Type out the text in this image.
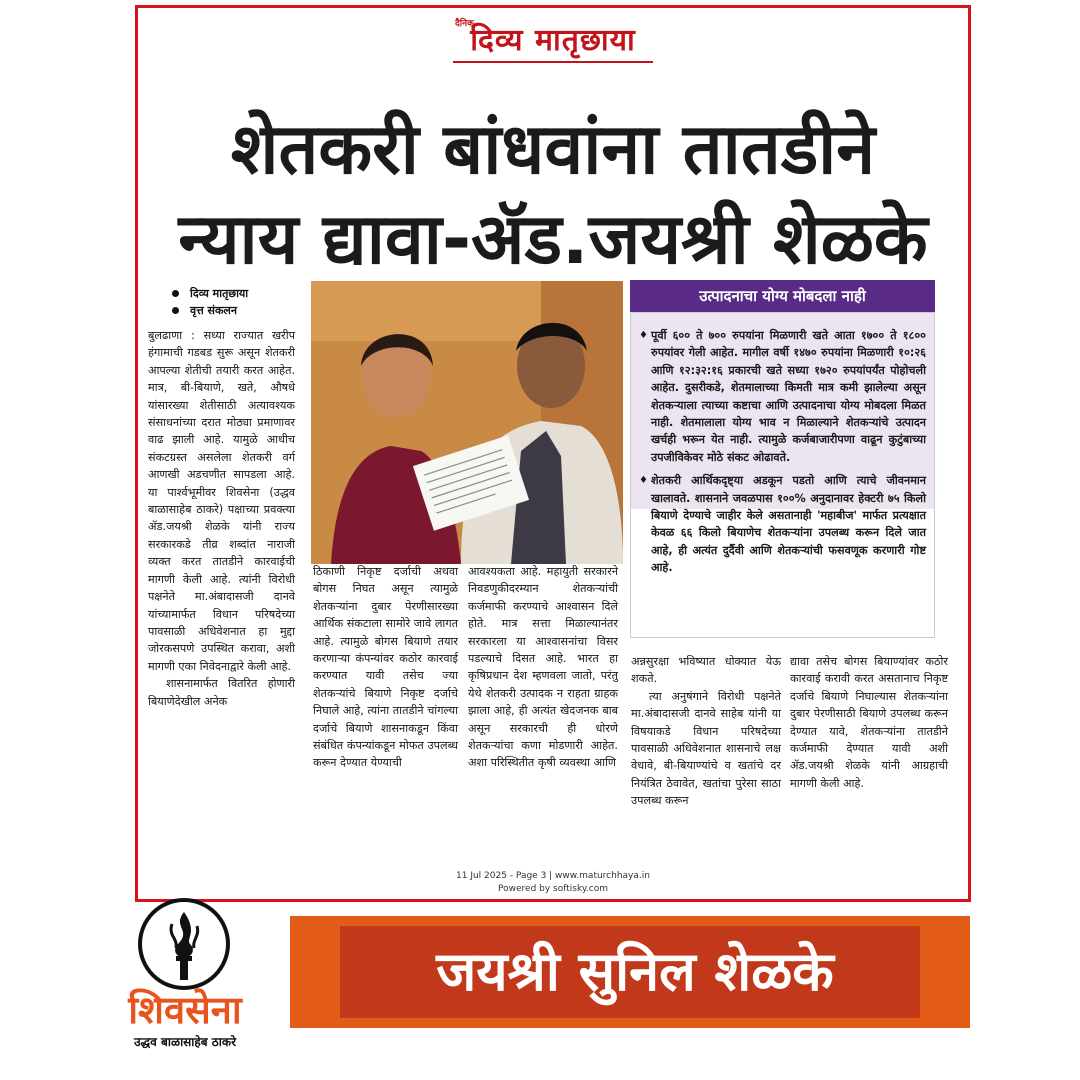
दैनिक
दिव्य मातृछाया
शेतकरी बांधवांना तातडीने
न्याय द्यावा-ॲड.जयश्री शेळके
दिव्य मातृछाया
वृत्त संकलन

बुलढाणा : सध्या राज्यात खरीप हंगामाची गडबड सुरू असून शेतकरी आपल्या शेतीची तयारी करत आहेत. मात्र, बी-बियाणे, खते, औषधे यांसारख्या शेतीसाठी अत्यावश्यक संसाधनांच्या दरात मोठ्या प्रमाणावर वाढ झाली आहे. यामुळे आधीच संकटग्रस्त असलेला शेतकरी वर्ग आणखी अडचणीत सापडला आहे. या पार्श्वभूमीवर शिवसेना (उद्धव बाळासाहेब ठाकरे) पक्षाच्या प्रवक्त्या ॲड.जयश्री शेळके यांनी राज्य सरकारकडे तीव्र शब्दांत नाराजी व्यक्त करत तातडीने कारवाईची मागणी केली आहे. त्यांनी विरोधी पक्षनेते मा.अंबादासजी दानवे यांच्यामार्फत विधान परिषदेच्या पावसाळी अधिवेशनात हा मुद्दा जोरकसपणे उपस्थित करावा, अशी मागणी एका निवेदनाद्वारे केली आहे.

शासनामार्फत वितरित होणारी बियाणेदेखील अनेक

उत्पादनाचा योग्य मोबदला नाही
♦ पूर्वी ६०० ते ७०० रुपयांना मिळणारी खते आता १७०० ते १८०० रुपयांवर गेली आहेत. मागील वर्षी १४७० रुपयांना मिळणारी १०:२६ आणि १२:३२:१६ प्रकारची खते सध्या १७२० रुपयांपर्यंत पोहोचली आहेत. दुसरीकडे, शेतमालाच्या किमती मात्र कमी झालेल्या असून शेतकऱ्याला त्याच्या कष्टाचा आणि उत्पादनाचा योग्य मोबदला मिळत नाही. शेतमालाला योग्य भाव न मिळाल्याने शेतकऱ्यांचे उत्पादन खर्चही भरून येत नाही. त्यामुळे कर्जबाजारीपणा वाढून कुटुंबाच्या उपजीविकेवर मोठे संकट ओढावते.
♦ शेतकरी आर्थिकदृष्ट्या अडकून पडतो आणि त्याचे जीवनमान खालावते. शासनाने जवळपास १००% अनुदानावर हेक्टरी ७५ किलो बियाणे देण्याचे जाहीर केले असतानाही 'महाबीज' मार्फत प्रत्यक्षात केवळ ६६ किलो बियाणेच शेतकऱ्यांना उपलब्ध करून दिले जात आहे, ही अत्यंत दुर्दैवी आणि शेतकऱ्यांची फसवणूक करणारी गोष्ट आहे.

ठिकाणी निकृष्ट दर्जाची अथवा बोगस निघत असून त्यामुळे शेतकऱ्यांना दुबार पेरणीसारख्या आर्थिक संकटाला सामोरे जावे लागत आहे. त्यामुळे बोगस बियाणे तयार करणाऱ्या कंपन्यांवर कठोर कारवाई करण्यात यावी तसेच ज्या शेतकऱ्यांचे बियाणे निकृष्ट दर्जाचे निघाले आहे, त्यांना तातडीने चांगल्या दर्जाचे बियाणे शासनाकडून किंवा संबंधित कंपन्यांकडून मोफत उपलब्ध करून देण्यात येण्याची

आवश्यकता आहे. महायुती सरकारने निवडणुकीदरम्यान शेतकऱ्यांची कर्जमाफी करण्याचे आश्वासन दिले होते. मात्र सत्ता मिळाल्यानंतर सरकारला या आश्वासनांचा विसर पडल्याचे दिसत आहे. भारत हा कृषिप्रधान देश म्हणवला जातो, परंतु येथे शेतकरी उत्पादक न राहता ग्राहक झाला आहे, ही अत्यंत खेदजनक बाब असून सरकारची ही धोरणे शेतकऱ्यांचा कणा मोडणारी आहेत. अशा परिस्थितीत कृषी व्यवस्था आणि

अन्नसुरक्षा भविष्यात धोक्यात येऊ शकते.

त्या अनुषंगाने विरोधी पक्षनेते मा.अंबादासजी दानवे साहेब यांनी या विषयाकडे विधान परिषदेच्या पावसाळी अधिवेशनात शासनाचे लक्ष वेधावे, बी-बियाण्यांचे व खतांचे दर नियंत्रित ठेवावेत, खतांचा पुरेसा साठा उपलब्ध करून

द्यावा तसेच बोगस बियाण्यांवर कठोर कारवाई करावी करत असतानाच निकृष्ट दर्जाचे बियाणे निघाल्यास शेतकऱ्यांना दुबार पेरणीसाठी बियाणे उपलब्ध करून देण्यात यावे, शेतकऱ्यांना तातडीने कर्जमाफी देण्यात यावी अशी ॲड.जयश्री शेळके यांनी आग्रहाची मागणी केली आहे.

11 Jul 2025 - Page 3 | www.maturchhaya.in
Powered by softisky.com
शिवसेना
उद्धव बाळासाहेब ठाकरे
जयश्री सुनिल शेळके
